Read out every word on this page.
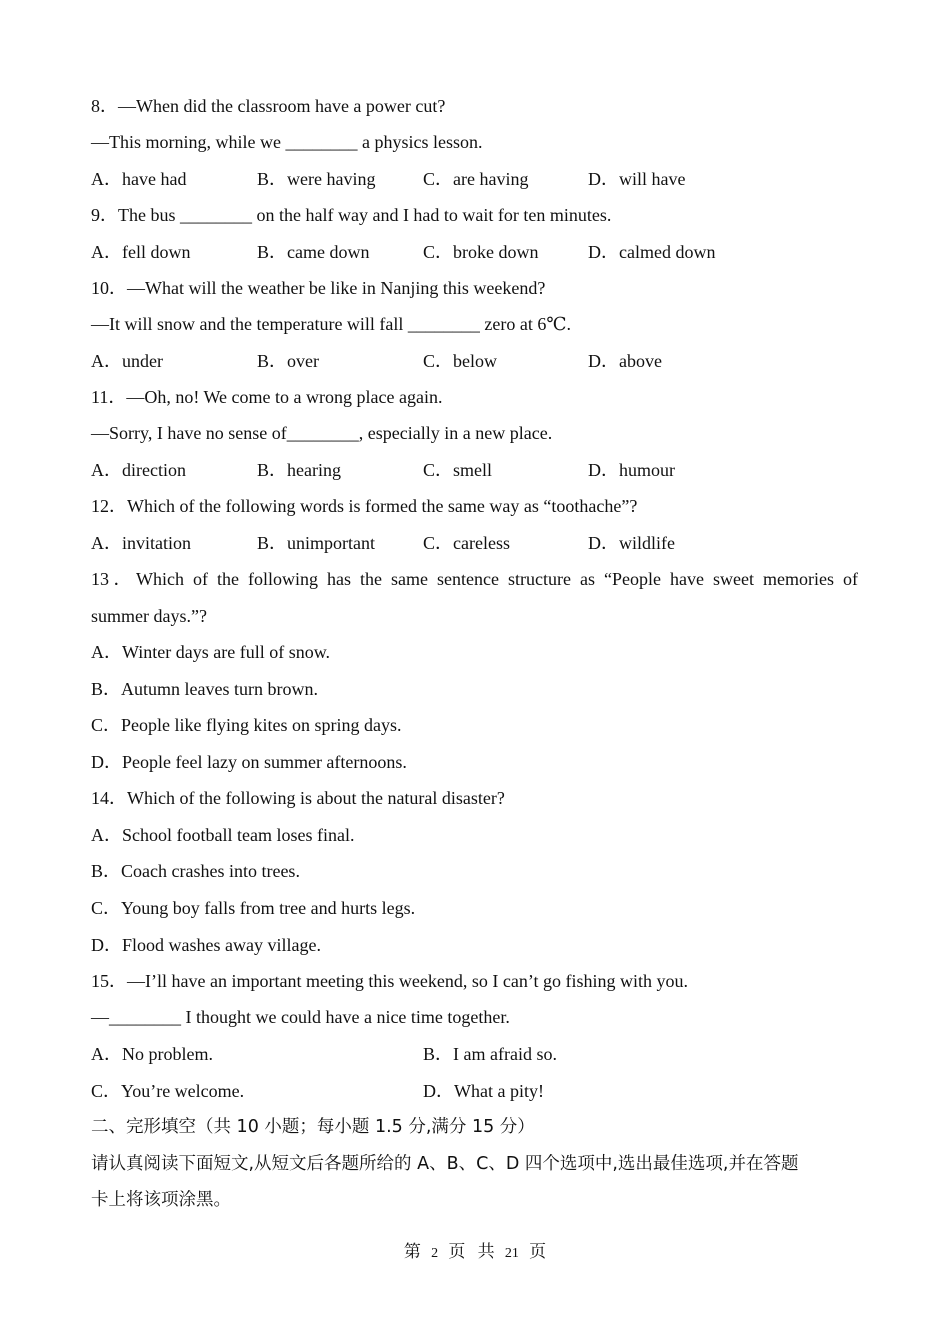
8．—When did the classroom have a power cut?
—This morning, while we ________ a physics lesson.
A．have had	B．were having	C．are having	D．will have
9．The bus ________ on the half way and I had to wait for ten minutes.
A．fell down	B．came down	C．broke down	D．calmed down
10．—What will the weather be like in Nanjing this weekend?
—It will snow and the temperature will fall ________ zero at 6℃.
A．under	B．over	C．below	D．above
11．—Oh, no! We come to a wrong place again.
—Sorry, I have no sense of________, especially in a new place.
A．direction	B．hearing	C．smell	D．humour
12．Which of the following words is formed the same way as “toothache”?
A．invitation	B．unimportant	C．careless	D．wildlife
13．Which of the following has the same sentence structure as “People have sweet memories of
summer days.”?
A．Winter days are full of snow.
B．Autumn leaves turn brown.
C．People like flying kites on spring days.
D．People feel lazy on summer afternoons.
14．Which of the following is about the natural disaster?
A．School football team loses final.
B．Coach crashes into trees.
C．Young boy falls from tree and hurts legs.
D．Flood washes away village.
15．—I’ll have an important meeting this weekend, so I can’t go fishing with you.
—________ I thought we could have a nice time together.
A．No problem.	B．I am afraid so.
C．You’re welcome.	D．What a pity!
二、完形填空（共 10 小题；每小题 1.5 分,满分 15 分）
请认真阅读下面短文,从短文后各题所给的 A、B、C、D 四个选项中,选出最佳选项,并在答题
卡上将该项涂黑。
第 2 页 共 21 页
